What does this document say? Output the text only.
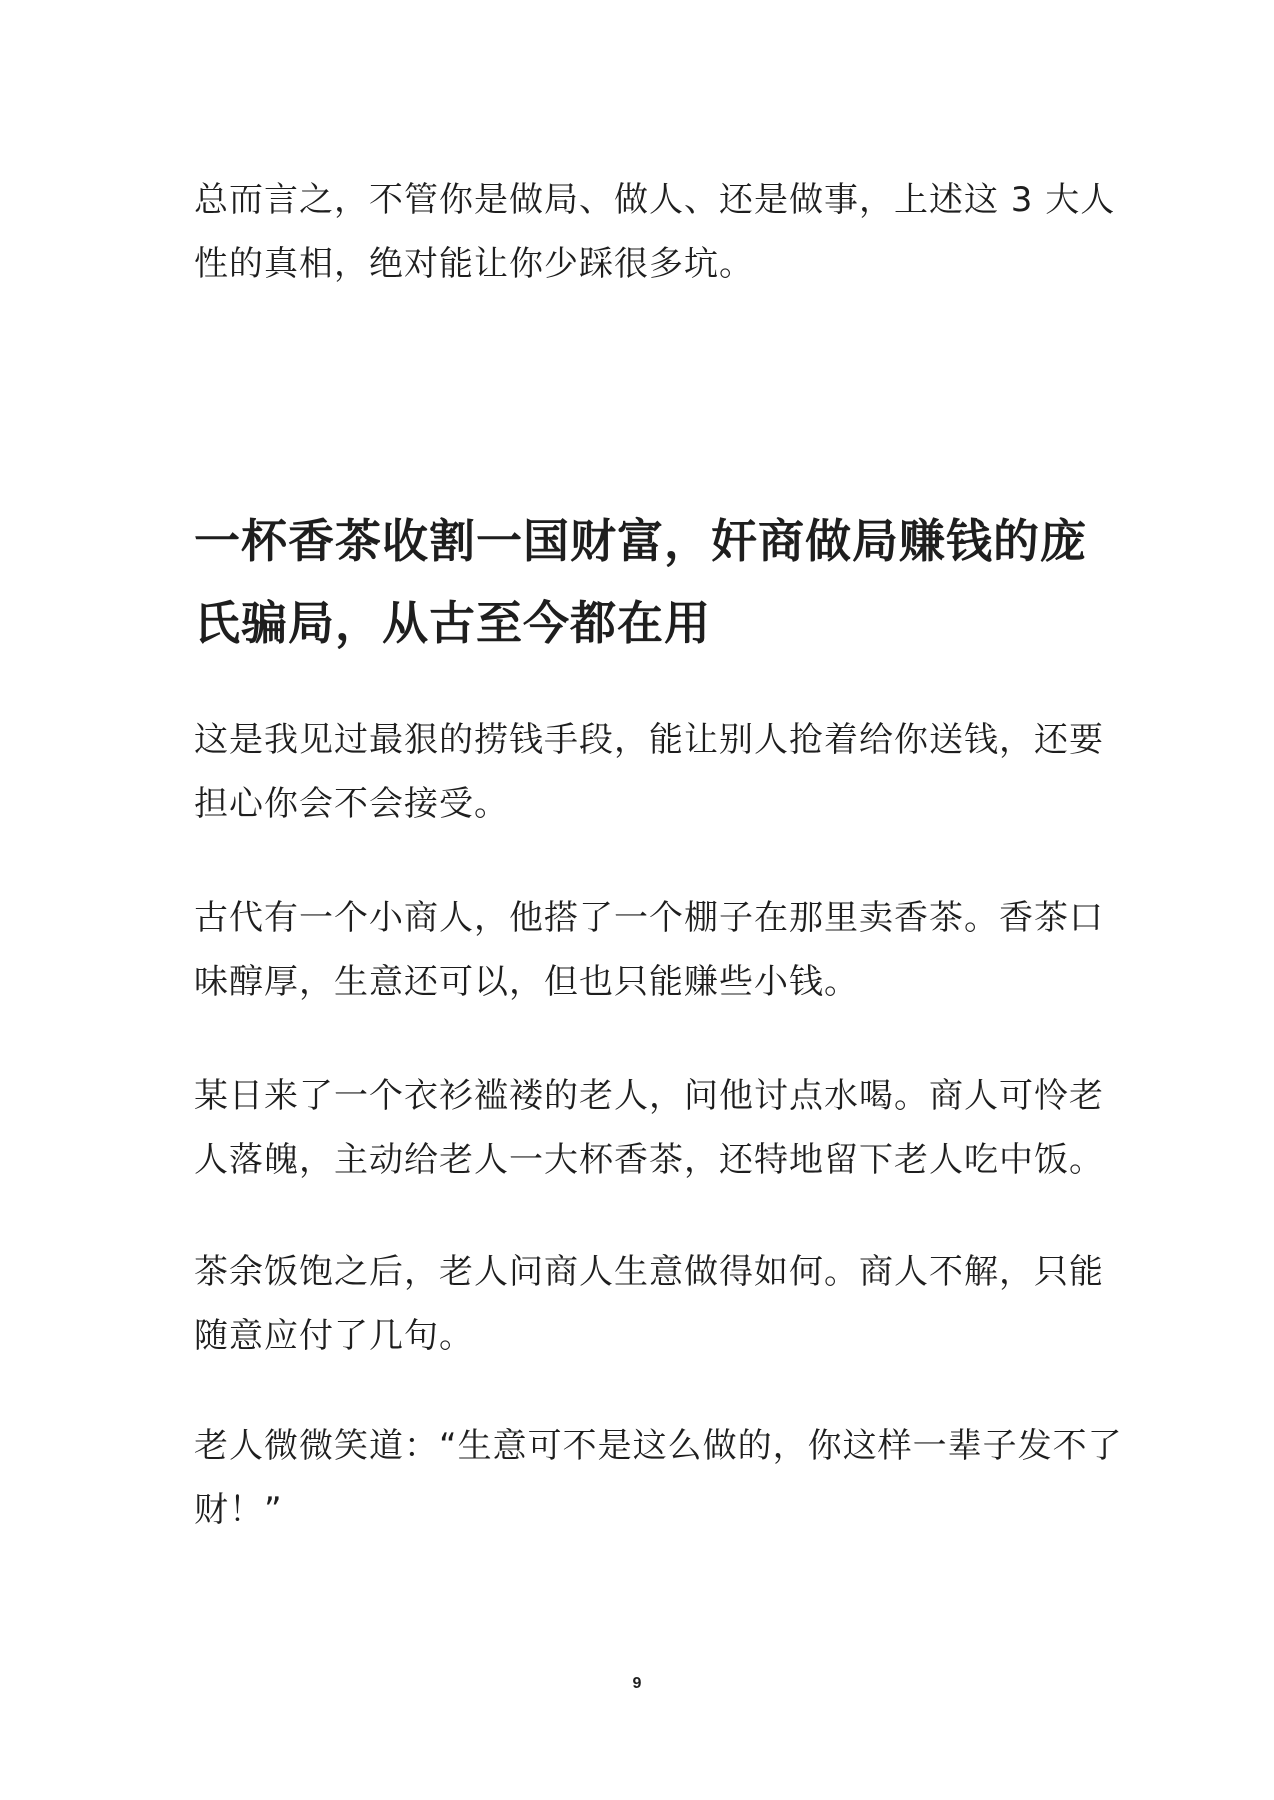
总而言之，不管你是做局、做人、还是做事，上述这 3 大人
性的真相，绝对能让你少踩很多坑。

一杯香茶收割一国财富，奸商做局赚钱的庞
氏骗局，从古至今都在用

这是我见过最狠的捞钱手段，能让别人抢着给你送钱，还要
担心你会不会接受。

古代有一个小商人，他搭了一个棚子在那里卖香茶。香茶口
味醇厚，生意还可以，但也只能赚些小钱。

某日来了一个衣衫褴褛的老人，问他讨点水喝。商人可怜老
人落魄，主动给老人一大杯香茶，还特地留下老人吃中饭。

茶余饭饱之后，老人问商人生意做得如何。商人不解，只能
随意应付了几句。

老人微微笑道：“生意可不是这么做的，你这样一辈子发不了
财！”

9
